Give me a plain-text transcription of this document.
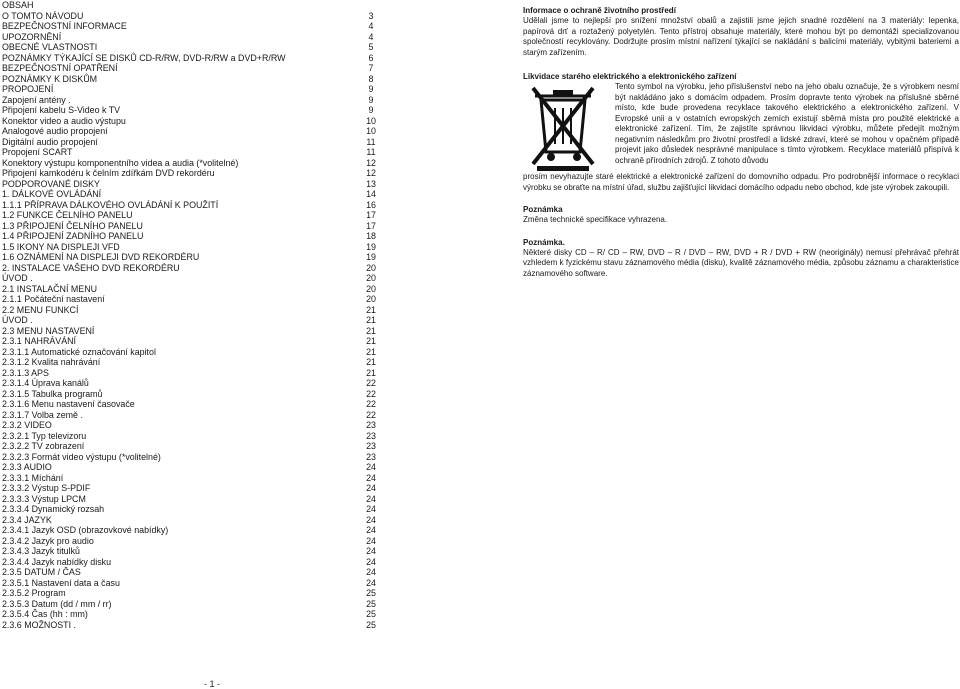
OBSAH
O TOMTO NÁVODU	3
BEZPEČNOSTNÍ INFORMACE	4
UPOZORNĚNÍ	4
OBECNÉ VLASTNOSTI	5
POZNÁMKY TÝKAJÍCÍ SE DISKŮ CD-R/RW, DVD-R/RW a DVD+R/RW	6
BEZPEČNOSTNÍ OPATŘENÍ	7
POZNÁMKY K DISKŮM	8
PROPOJENÍ	9
Zapojení antény .	9
Připojení kabelu S-Video k TV	9
Konektor video a audio výstupu	10
Analogové audio propojení	10
Digitální audio propojení	11
Propojení SCART	11
Konektory výstupu komponentního videa a audia (*volitelné)	12
Připojení kamkodéru k čelním zdířkám DVD rekordéru	12
PODPOROVANÉ DISKY	13
1. DÁLKOVÉ OVLÁDÁNÍ	14
1.1.1 PŘÍPRAVA DÁLKOVÉHO OVLÁDÁNÍ K POUŽITÍ	16
1.2 FUNKCE ČELNÍHO PANELU	17
1.3 PŘIPOJENÍ ČELNÍHO PANELU	17
1.4 PŘIPOJENÍ ZADNÍHO PANELU	18
1.5 IKONY NA DISPLEJI VFD	19
1.6 OZNÁMENÍ NA DISPLEJI DVD REKORDÉRU	19
2. INSTALACE VAŠEHO DVD REKORDÉRU	20
ÚVOD .	20
2.1 INSTALAČNÍ MENU	20
2.1.1 Počáteční nastavení	20
2.2 MENU FUNKCÍ	21
ÚVOD .	21
2.3 MENU NASTAVENÍ	21
2.3.1 NAHRÁVÁNÍ	21
2.3.1.1 Automatické označování kapitol	21
2.3.1.2 Kvalita nahrávání	21
2.3.1.3 APS	21
2.3.1.4 Úprava kanálů	22
2.3.1.5 Tabulka programů	22
2.3.1.6 Menu nastavení časovače	22
2.3.1.7 Volba země .	22
2.3.2 VIDEO	23
2.3.2.1 Typ televizoru	23
2.3.2.2 TV zobrazení	23
2.3.2.3 Formát video výstupu (*volitelné)	23
2.3.3 AUDIO	24
2.3.3.1 Míchání	24
2.3.3.2 Výstup S-PDIF	24
2.3.3.3 Výstup LPCM	24
2.3.3.4 Dynamický rozsah	24
2.3.4 JAZYK	24
2.3.4.1 Jazyk OSD (obrazovkové nabídky)	24
2.3.4.2 Jazyk pro audio	24
2.3.4.3 Jazyk titulků	24
2.3.4.4 Jazyk nabídky disku	24
2.3.5 DATUM / ČAS	24
2.3.5.1 Nastavení data a času	24
2.3.5.2 Program	25
2.3.5.3 Datum (dd / mm / rr)	25
2.3.5.4 Čas (hh : mm)	25
2.3.6 MOŽNOSTI .	25
Informace o ochraně životního prostředí

Udělali jsme to nejlepší pro snížení množství obalů a zajistili jsme jejich snadné rozdělení na 3 materiály: lepenka, papírová drť a roztažený polyetylén. Tento přístroj obsahuje materiály, které mohou být po demontáži specializovanou společností recyklovány. Dodržujte prosím místní nařízení týkající se nakládání s balicími materiály, vybitými bateriemi a starým zařízením.

Likvidace starého elektrického a elektronického zařízení

Tento symbol na výrobku, jeho příslušenství nebo na jeho obalu označuje, že s výrobkem nesmí být nakládáno jako s domácím odpadem. Prosím dopravte tento výrobek na příslušné sběrné místo, kde bude provedena recyklace takového elektrického a elektronického zařízení. V Evropské unii a v ostatních evropských zemích existují sběrná místa pro použité elektrické a elektronické zařízení. Tím, že zajistíte správnou likvidaci výrobku, můžete předejít možným negativním následkům pro životní prostředí a lidské zdraví, které se mohou v opačném případě projevit jako důsledek nesprávné manipulace s tímto výrobkem. Recyklace materiálů přispívá k ochraně přírodních zdrojů. Z tohoto důvodu

prosím nevyhazujte staré elektrické a elektronické zařízení do domovního odpadu. Pro podrobnější informace o recyklaci výrobku se obraťte na místní úřad, službu zajišťující likvidaci domácího odpadu nebo obchod, kde jste výrobek zakoupili.

Poznámka

Změna technické specifikace vyhrazena.

Poznámka.

Některé disky CD – R/ CD – RW, DVD – R / DVD – RW, DVD + R / DVD + RW (neoriginály) nemusí přehrávač přehrát vzhledem k fyzickému stavu záznamového média (disku), kvalitě záznamového média, způsobu záznamu a charakteristice záznamového software.

- 1 -
